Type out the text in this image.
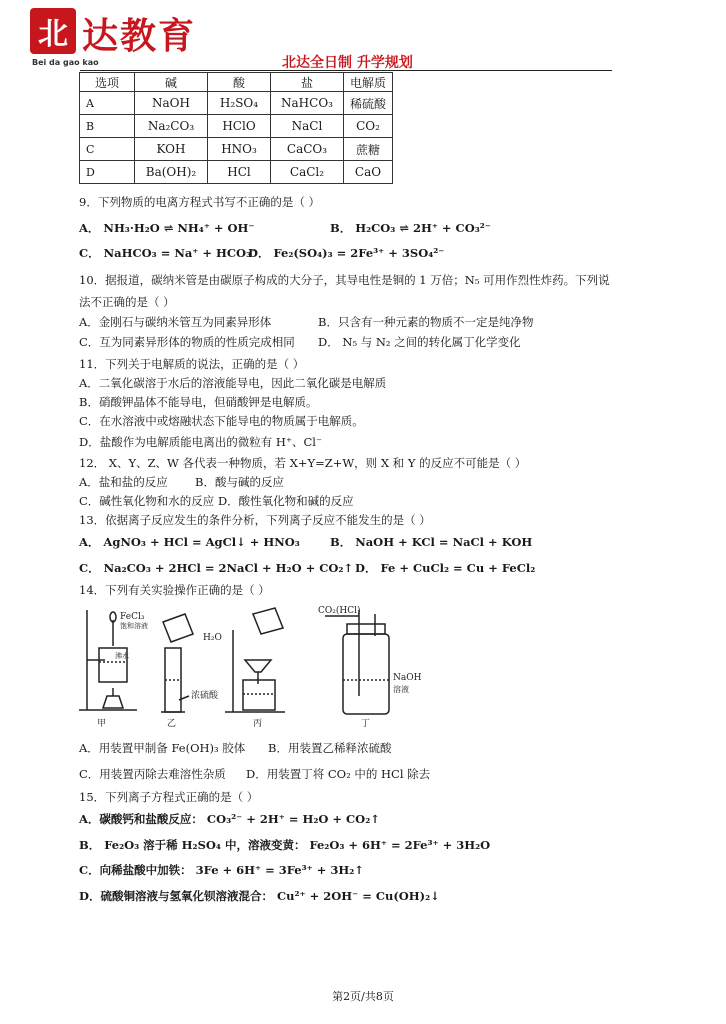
北 达教育
Bei da gao kao	北达全日制 升学规划
选项	碱	酸	盐	电解质
A	NaOH	H₂SO₄	NaHCO₃	稀硫酸
B	Na₂CO₃	HClO	NaCl	CO₂
C	KOH	HNO₃	CaCO₃	蔗糖
D	Ba(OH)₂	HCl	CaCl₂	CaO
9．下列物质的电离方程式书写不正确的是（ ）
A． NH₃·H₂O ⇌ NH₄⁺ + OH⁻	B． H₂CO₃ ⇌ 2H⁺ + CO₃²⁻
C． NaHCO₃ = Na⁺ + HCO₃⁻
D． Fe₂(SO₄)₃ = 2Fe³⁺ + 3SO₄²⁻
10．据报道，碳纳米管是由碳原子构成的大分子，其导电性是铜的 1 万倍；N₅ 可用作烈性炸药。下列说
法不正确的是（ ）
A．金刚石与碳纳米管互为同素异形体	B．只含有一种元素的物质不一定是纯净物
C．互为同素异形体的物质的性质完成相同 D． N₅ 与 N₂ 之间的转化属丁化学变化
11．下列关于电解质的说法，正确的是（ ）
A．二氧化碳溶于水后的溶液能导电，因此二氧化碳是电解质
B．硝酸钾晶体不能导电，但硝酸钾是电解质。
C．在水溶液中或熔融状态下能导电的物质属于电解质。
D．盐酸作为电解质能电离出的微粒有 H⁺、Cl⁻
12． X、Y、Z、W 各代表一种物质，若 X+Y=Z+W，则 X 和 Y 的反应不可能是（ ）
A．盐和盐的反应 B．酸与碱的反应
C．碱性氧化物和水的反应 D．酸性氧化物和碱的反应
13．依据离子反应发生的条件分析，下列离子反应不能发生的是（ ）
A． AgNO₃ + HCl = AgCl↓ + HNO₃	B． NaOH + KCl = NaCl + KOH
C． Na₂CO₃ + 2HCl = 2NaCl + H₂O + CO₂↑ D． Fe + CuCl₂ = Cu + FeCl₂
14．下列有关实验操作正确的是（ ）
FeCl₃
饱和溶液
沸水
甲
H₂O
浓硫酸
乙	丙
CO₂(HCl)
NaOH
溶液
丁
A．用装置甲制备 Fe(OH)₃ 胶体 B．用装置乙稀释浓硫酸
C．用装置丙除去难溶性杂质 D．用装置丁将 CO₂ 中的 HCl 除去
15．下列离子方程式正确的是（ ）
A．碳酸钙和盐酸反应： CO₃²⁻ + 2H⁺ = H₂O + CO₂↑
B． Fe₂O₃ 溶于稀 H₂SO₄ 中，溶液变黄： Fe₂O₃ + 6H⁺ = 2Fe³⁺ + 3H₂O
C．向稀盐酸中加铁： 3Fe + 6H⁺ = 3Fe³⁺ + 3H₂↑
D．硫酸铜溶液与氢氧化钡溶液混合： Cu²⁺ + 2OH⁻ = Cu(OH)₂↓
第2页/共8页
